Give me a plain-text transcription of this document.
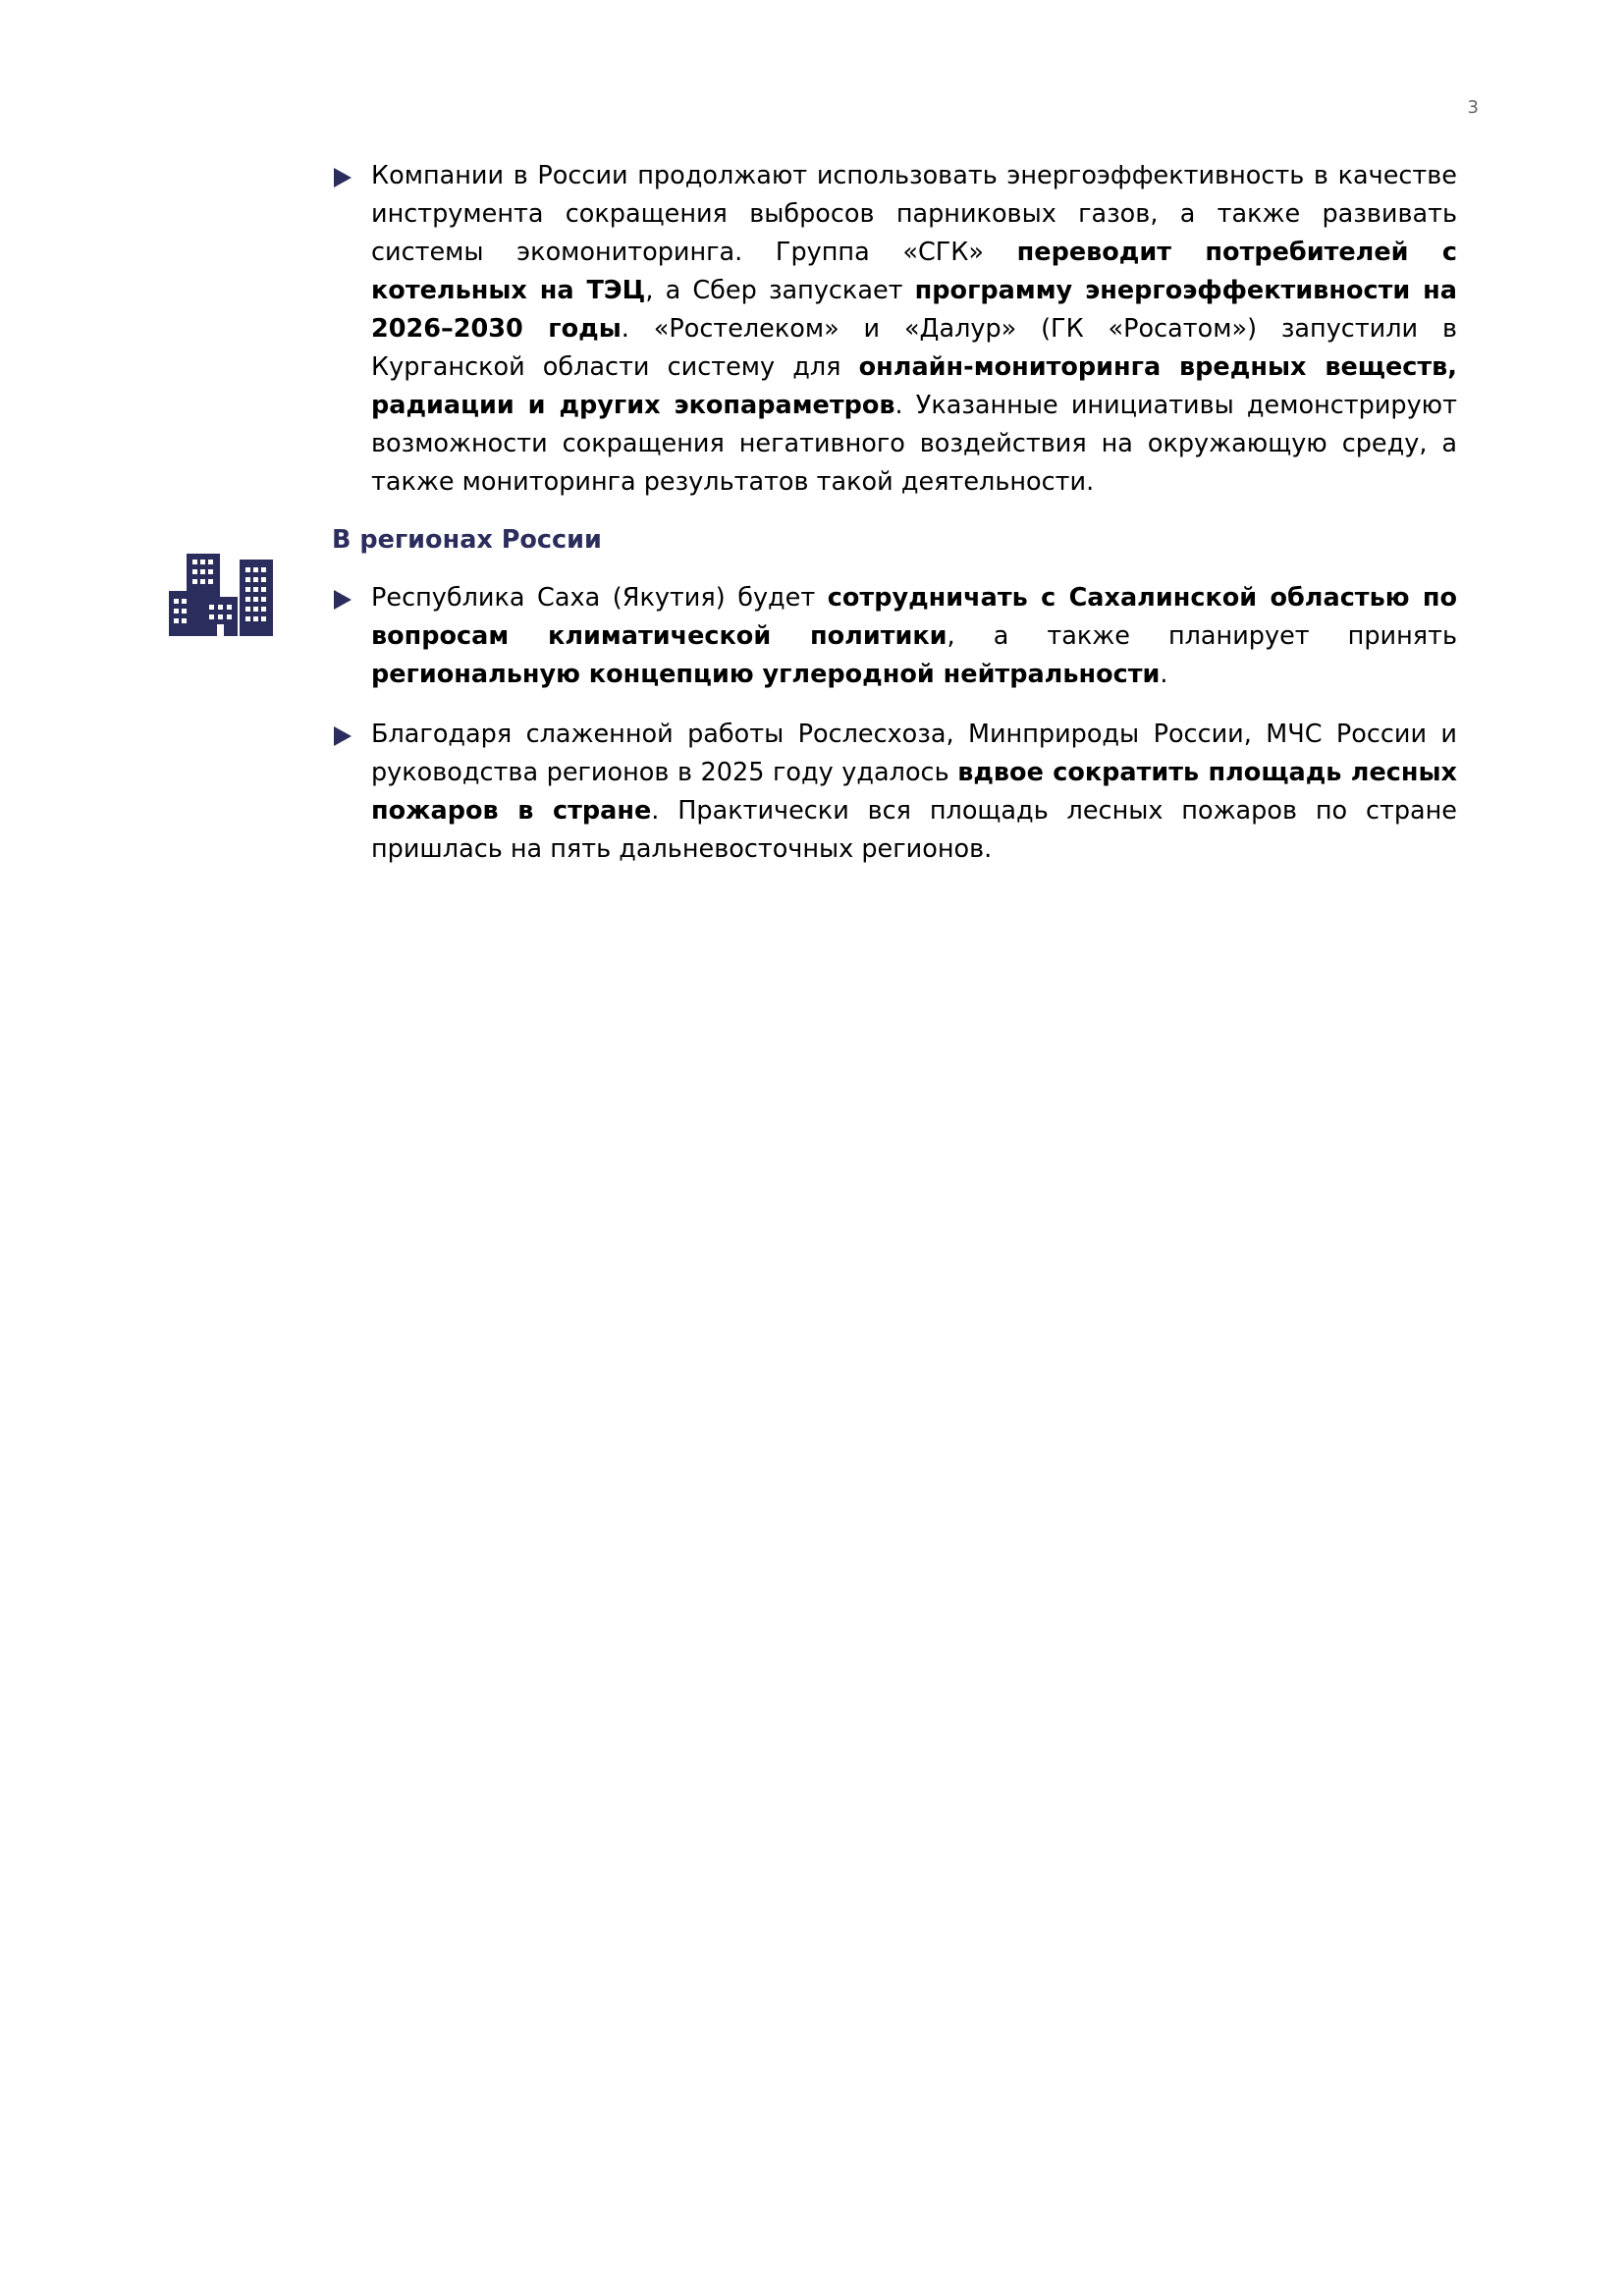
3

Компании в России продолжают использовать энергоэффективность в качестве инструмента сокращения выбросов парниковых газов, а также развивать системы экомониторинга. Группа «СГК» переводит потребителей с котельных на ТЭЦ, а Сбер запускает программу энергоэффективности на 2026–2030 годы. «Ростелеком» и «Далур» (ГК «Росатом») запустили в Курганской области систему для онлайн-мониторинга вредных веществ, радиации и других экопараметров. Указанные инициативы демонстрируют возможности сокращения негативного воздействия на окружающую среду, а также мониторинга результатов такой деятельности.

В регионах России

Республика Саха (Якутия) будет сотрудничать с Сахалинской областью по вопросам климатической политики, а также планирует принять региональную концепцию углеродной нейтральности.

Благодаря слаженной работы Рослесхоза, Минприроды России, МЧС России и руководства регионов в 2025 году удалось вдвое сократить площадь лесных пожаров в стране. Практически вся площадь лесных пожаров по стране пришлась на пять дальневосточных регионов.
